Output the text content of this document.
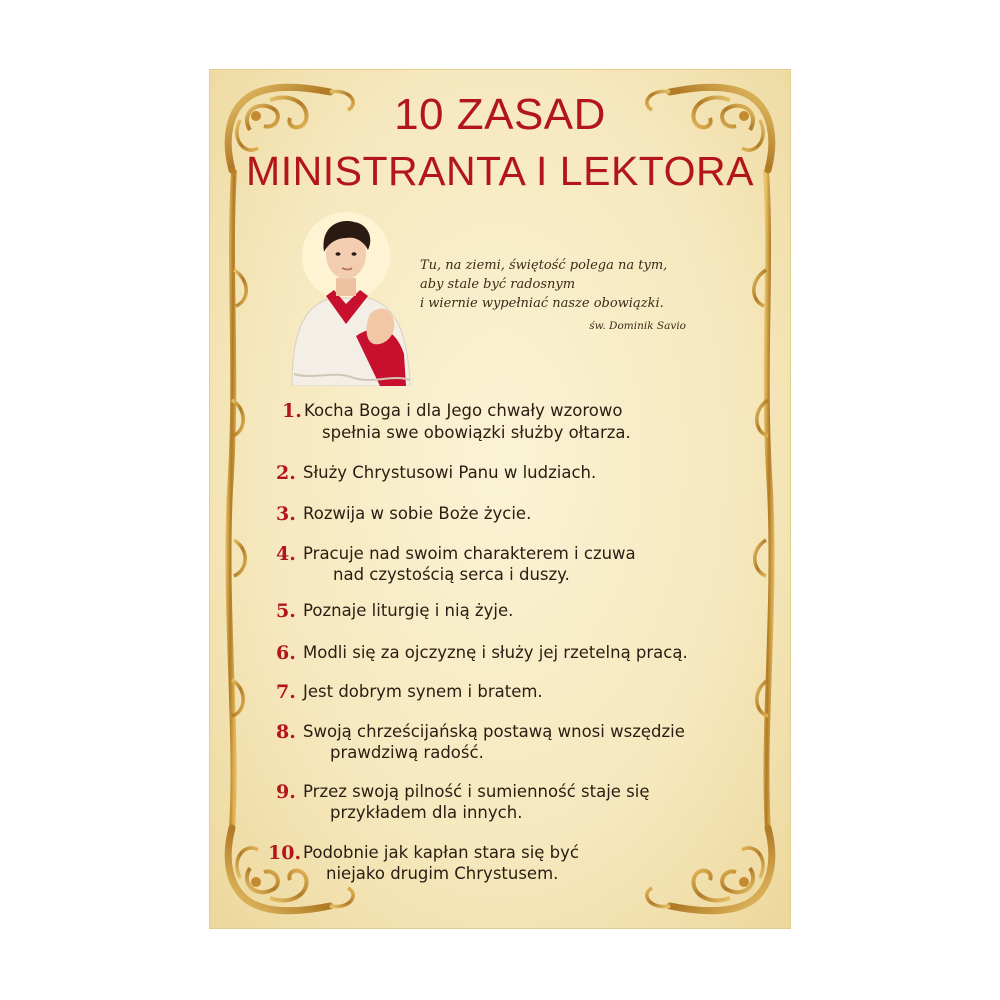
10 ZASAD
MINISTRANTA I LEKTORA
Tu, na ziemi, świętość polega na tym,
aby stale być radosnym
i wiernie wypełniać nasze obowiązki.
św. Dominik Savio
1. Kocha Boga i dla Jego chwały wzorowo
spełnia swe obowiązki służby ołtarza.
2. Służy Chrystusowi Panu w ludziach.
3. Rozwija w sobie Boże życie.
4. Pracuje nad swoim charakterem i czuwa
nad czystością serca i duszy.
5. Poznaje liturgię i nią żyje.
6. Modli się za ojczyznę i służy jej rzetelną pracą.
7. Jest dobrym synem i bratem.
8. Swoją chrześcijańską postawą wnosi wszędzie
prawdziwą radość.
9. Przez swoją pilność i sumienność staje się
przykładem dla innych.
10. Podobnie jak kapłan stara się być
niejako drugim Chrystusem.
